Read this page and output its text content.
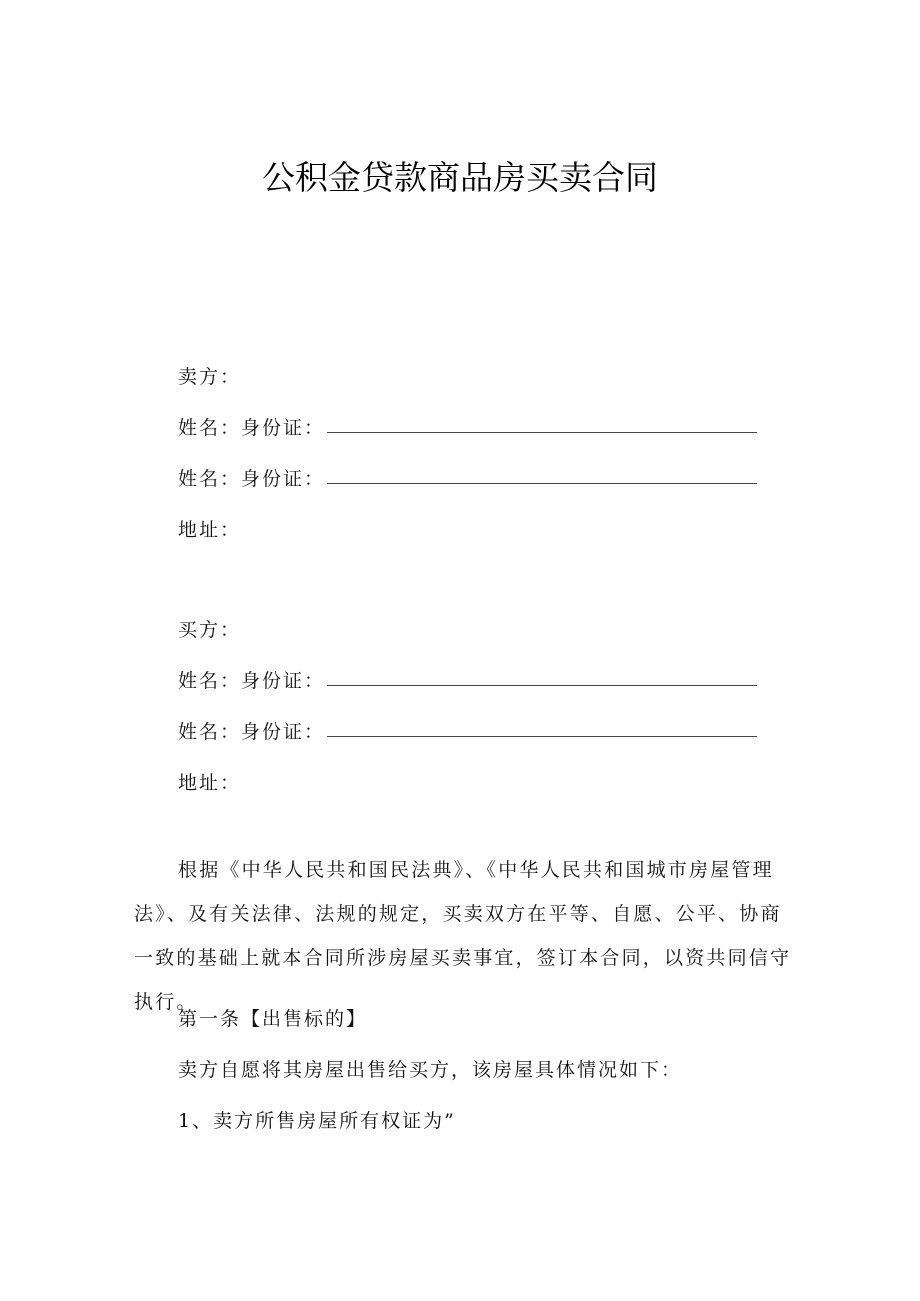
公积金贷款商品房买卖合同
卖方：
姓名：身份证：
姓名：身份证：
地址：
买方：
姓名：身份证：
姓名：身份证：
地址：
根据《中华人民共和国民法典》、《中华人民共和国城市房屋管理法》、及有关法律、法规的规定，买卖双方在平等、自愿、公平、协商一致的基础上就本合同所涉房屋买卖事宜，签订本合同，以资共同信守执行。
第一条【出售标的】
卖方自愿将其房屋出售给买方，该房屋具体情况如下：
1、卖方所售房屋所有权证为”
